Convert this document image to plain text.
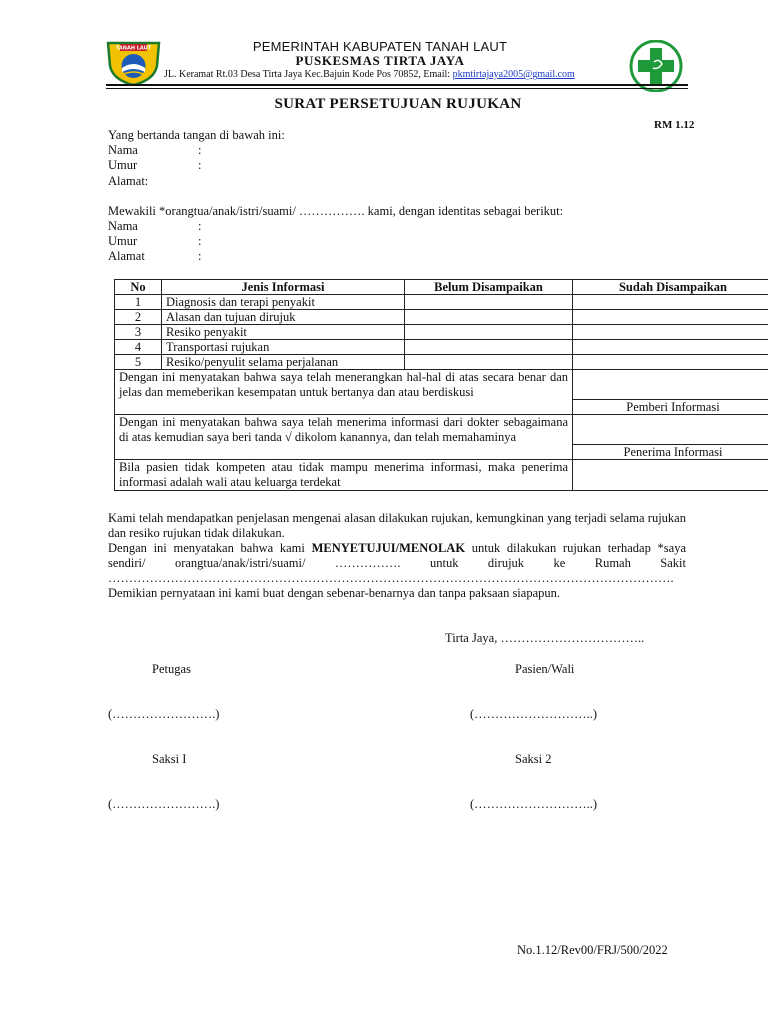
TANAH LAUT	PEMERINTAH KABUPATEN TANAH LAUT
PUSKESMAS TIRTA JAYA
JL. Keramat Rt.03 Desa Tirta Jaya Kec.Bajuin Kode Pos 70852, Email: pkmtirtajaya2005@gmail.com
SURAT PERSETUJUAN RUJUKAN
RM 1.12
Yang bertanda tangan di bawah ini:
Nama	:
Umur	:
Alamat:
Mewakili *orangtua/anak/istri/suami/ ……………. kami, dengan identitas sebagai berikut:
Nama	:
Umur	:
Alamat	:
No	Jenis Informasi	Belum Disampaikan	Sudah Disampaikan
1	Diagnosis dan terapi penyakit		
2	Alasan dan tujuan dirujuk		
3	Resiko penyakit		
4	Transportasi rujukan		
5	Resiko/penyulit selama perjalanan		
Dengan ini menyatakan bahwa saya telah menerangkan hal-hal di atas secara benar dan jelas dan memeberikan kesempatan untuk bertanya dan atau berdiskusi			
			Pemberi Informasi
Dengan ini menyatakan bahwa saya telah menerima informasi dari dokter sebagaimana di atas kemudian saya beri tanda √ dikolom kanannya, dan telah memahaminya			
			Penerima Informasi
Bila pasien tidak kompeten atau tidak mampu menerima informasi, maka penerima informasi adalah wali atau keluarga terdekat			
Kami telah mendapatkan penjelasan mengenai alasan dilakukan rujukan, kemungkinan yang terjadi selama rujukan dan resiko rujukan tidak dilakukan.
Dengan ini menyatakan bahwa kami MENYETUJUI/MENOLAK untuk dilakukan rujukan terhadap *saya sendiri/ orangtua/anak/istri/suami/ ……………. untuk dirujuk ke Rumah Sakit ……………………………………………………………………………………………………………………….
Demikian pernyataan ini kami buat dengan sebenar-benarnya dan tanpa paksaan siapapun.
Tirta Jaya, ……………………………..
Petugas	Pasien/Wali
(…………………….)	(………………………..)
Saksi I	Saksi 2
(…………………….)	(………………………..)
No.1.12/Rev00/FRJ/500/2022
